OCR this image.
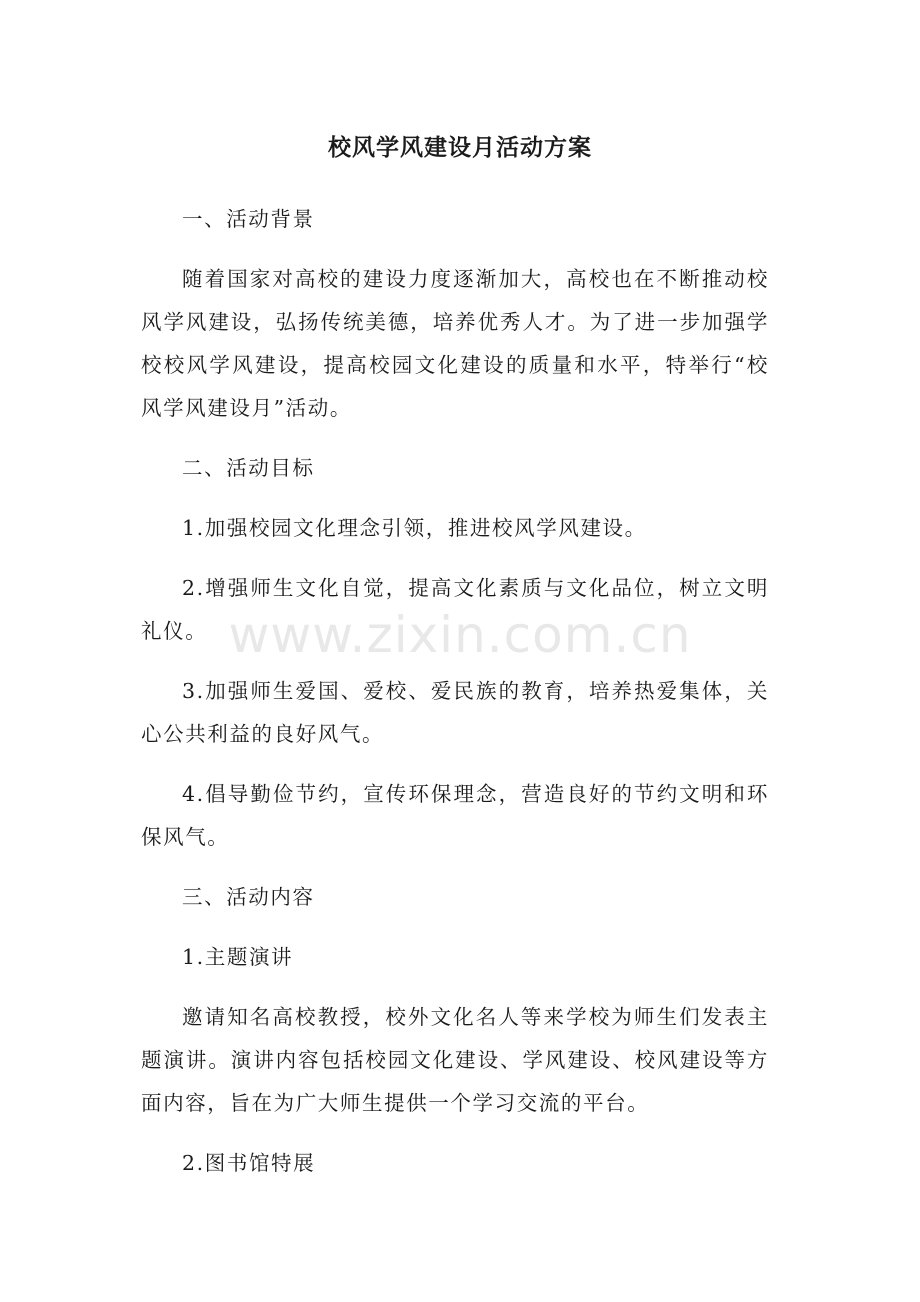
校风学风建设月活动方案

一、活动背景

随着国家对高校的建设力度逐渐加大，高校也在不断推动校风学风建设，弘扬传统美德，培养优秀人才。为了进一步加强学校校风学风建设，提高校园文化建设的质量和水平，特举行“校风学风建设月”活动。

二、活动目标

1.加强校园文化理念引领，推进校风学风建设。

2.增强师生文化自觉，提高文化素质与文化品位，树立文明礼仪。

3.加强师生爱国、爱校、爱民族的教育，培养热爱集体，关心公共利益的良好风气。

4.倡导勤俭节约，宣传环保理念，营造良好的节约文明和环保风气。

三、活动内容

1.主题演讲

邀请知名高校教授，校外文化名人等来学校为师生们发表主题演讲。演讲内容包括校园文化建设、学风建设、校风建设等方面内容，旨在为广大师生提供一个学习交流的平台。

2.图书馆特展

www.zixin.com.cn
